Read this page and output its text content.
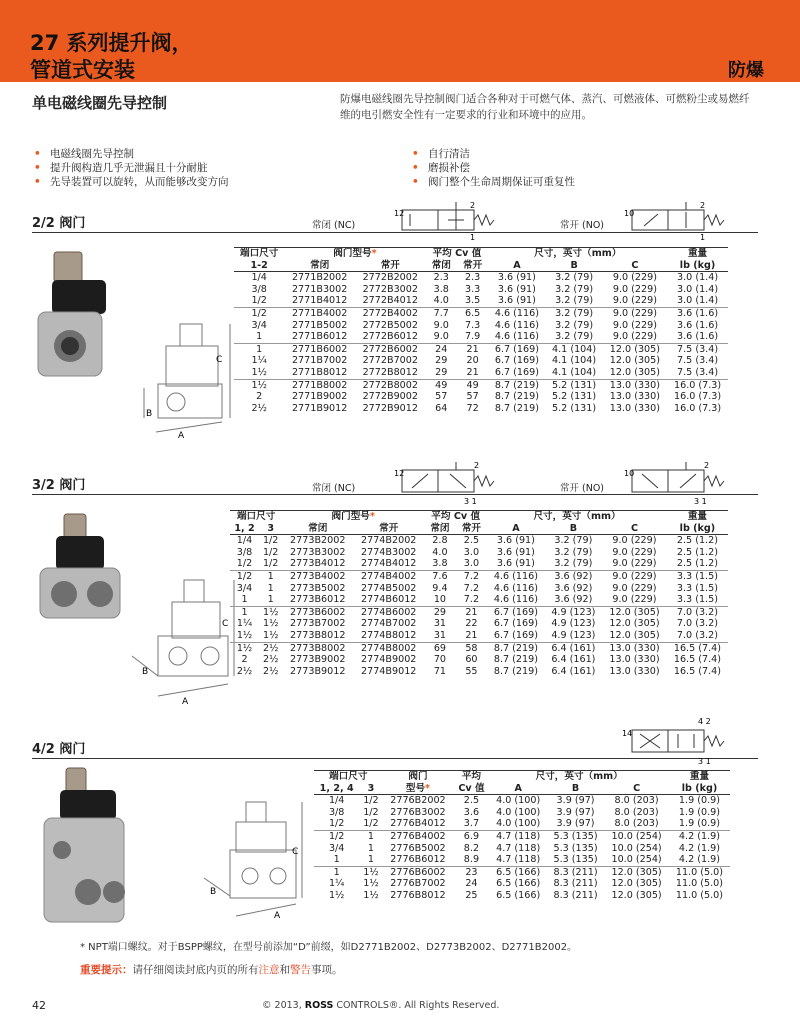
27 系列提升阀，
管道式安装	防爆
单电磁线圈先导控制	防爆电磁线圈先导控制阀门适合各种对于可燃气体、蒸汽、可燃液体、可燃粉尘或易燃纤维的电引燃安全性有一定要求的行业和环境中的应用。
• 电磁线圈先导控制
• 提升阀构造几乎无泄漏且十分耐脏
• 先导装置可以旋转，从而能够改变方向
• 自行清洁
• 磨损补偿
• 阀门整个生命周期保证可重复性
2/2 阀门	常闭 (NC)
12
2
1
常开 (NO)
10
2
1
C
B
A
端口尺寸	阀门型号*		平均 Cv 值		尺寸，英寸（mm）			重量
1-2	常闭	常开	常闭	常开	A	B	C	lb (kg)
1/4	2771B2002	2772B2002	2.3	2.3	3.6 (91)	3.2 (79)	9.0 (229)	3.0 (1.4)
3/8	2771B3002	2772B3002	3.8	3.3	3.6 (91)	3.2 (79)	9.0 (229)	3.0 (1.4)
1/2	2771B4012	2772B4012	4.0	3.5	3.6 (91)	3.2 (79)	9.0 (229)	3.0 (1.4)
1/2	2771B4002	2772B4002	7.7	6.5	4.6 (116)	3.2 (79)	9.0 (229)	3.6 (1.6)
3/4	2771B5002	2772B5002	9.0	7.3	4.6 (116)	3.2 (79)	9.0 (229)	3.6 (1.6)
1	2771B6012	2772B6012	9.0	7.9	4.6 (116)	3.2 (79)	9.0 (229)	3.6 (1.6)
1	2771B6002	2772B6002	24	21	6.7 (169)	4.1 (104)	12.0 (305)	7.5 (3.4)
1¼	2771B7002	2772B7002	29	20	6.7 (169)	4.1 (104)	12.0 (305)	7.5 (3.4)
1½	2771B8012	2772B8012	29	21	6.7 (169)	4.1 (104)	12.0 (305)	7.5 (3.4)
1½	2771B8002	2772B8002	49	49	8.7 (219)	5.2 (131)	13.0 (330)	16.0 (7.3)
2	2771B9002	2772B9002	57	57	8.7 (219)	5.2 (131)	13.0 (330)	16.0 (7.3)
2½	2771B9012	2772B9012	64	72	8.7 (219)	5.2 (131)	13.0 (330)	16.0 (7.3)
3/2 阀门	常闭 (NC)
12
2
3 1
常开 (NO)
10
2
3 1
C
B
A
端口尺寸		阀门型号*		平均 Cv 值		尺寸，英寸（mm）			重量
1, 2	3	常闭	常开	常闭	常开	A	B	C	lb (kg)
1/4	1/2	2773B2002	2774B2002	2.8	2.5	3.6 (91)	3.2 (79)	9.0 (229)	2.5 (1.2)
3/8	1/2	2773B3002	2774B3002	4.0	3.0	3.6 (91)	3.2 (79)	9.0 (229)	2.5 (1.2)
1/2	1/2	2773B4012	2774B4012	3.8	3.0	3.6 (91)	3.2 (79)	9.0 (229)	2.5 (1.2)
1/2	1	2773B4002	2774B4002	7.6	7.2	4.6 (116)	3.6 (92)	9.0 (229)	3.3 (1.5)
3/4	1	2773B5002	2774B5002	9.4	7.2	4.6 (116)	3.6 (92)	9.0 (229)	3.3 (1.5)
1	1	2773B6012	2774B6012	10	7.2	4.6 (116)	3.6 (92)	9.0 (229)	3.3 (1.5)
1	1½	2773B6002	2774B6002	29	21	6.7 (169)	4.9 (123)	12.0 (305)	7.0 (3.2)
1¼	1½	2773B7002	2774B7002	31	22	6.7 (169)	4.9 (123)	12.0 (305)	7.0 (3.2)
1½	1½	2773B8012	2774B8012	31	21	6.7 (169)	4.9 (123)	12.0 (305)	7.0 (3.2)
1½	2½	2773B8002	2774B8002	69	58	8.7 (219)	6.4 (161)	13.0 (330)	16.5 (7.4)
2	2½	2773B9002	2774B9002	70	60	8.7 (219)	6.4 (161)	13.0 (330)	16.5 (7.4)
2½	2½	2773B9012	2774B9012	71	55	8.7 (219)	6.4 (161)	13.0 (330)	16.5 (7.4)
4/2 阀门
14
4 2
3 1
C
B
A
端口尺寸		阀门	平均	尺寸，英寸（mm）			重量
1, 2, 4	3	型号*	Cv 值	A	B	C	lb (kg)
1/4	1/2	2776B2002	2.5	4.0 (100)	3.9 (97)	8.0 (203)	1.9 (0.9)
3/8	1/2	2776B3002	3.6	4.0 (100)	3.9 (97)	8.0 (203)	1.9 (0.9)
1/2	1/2	2776B4012	3.7	4.0 (100)	3.9 (97)	8.0 (203)	1.9 (0.9)
1/2	1	2776B4002	6.9	4.7 (118)	5.3 (135)	10.0 (254)	4.2 (1.9)
3/4	1	2776B5002	8.2	4.7 (118)	5.3 (135)	10.0 (254)	4.2 (1.9)
1	1	2776B6012	8.9	4.7 (118)	5.3 (135)	10.0 (254)	4.2 (1.9)
1	1½	2776B6002	23	6.5 (166)	8.3 (211)	12.0 (305)	11.0 (5.0)
1¼	1½	2776B7002	24	6.5 (166)	8.3 (211)	12.0 (305)	11.0 (5.0)
1½	1½	2776B8012	25	6.5 (166)	8.3 (211)	12.0 (305)	11.0 (5.0)
* NPT端口螺纹。对于BSPP螺纹，在型号前添加“D”前缀，如D2771B2002、D2773B2002、D2771B2002。
重要提示：请仔细阅读封底内页的所有注意和警告事项。
42	© 2013, ROSS CONTROLS®. All Rights Reserved.
